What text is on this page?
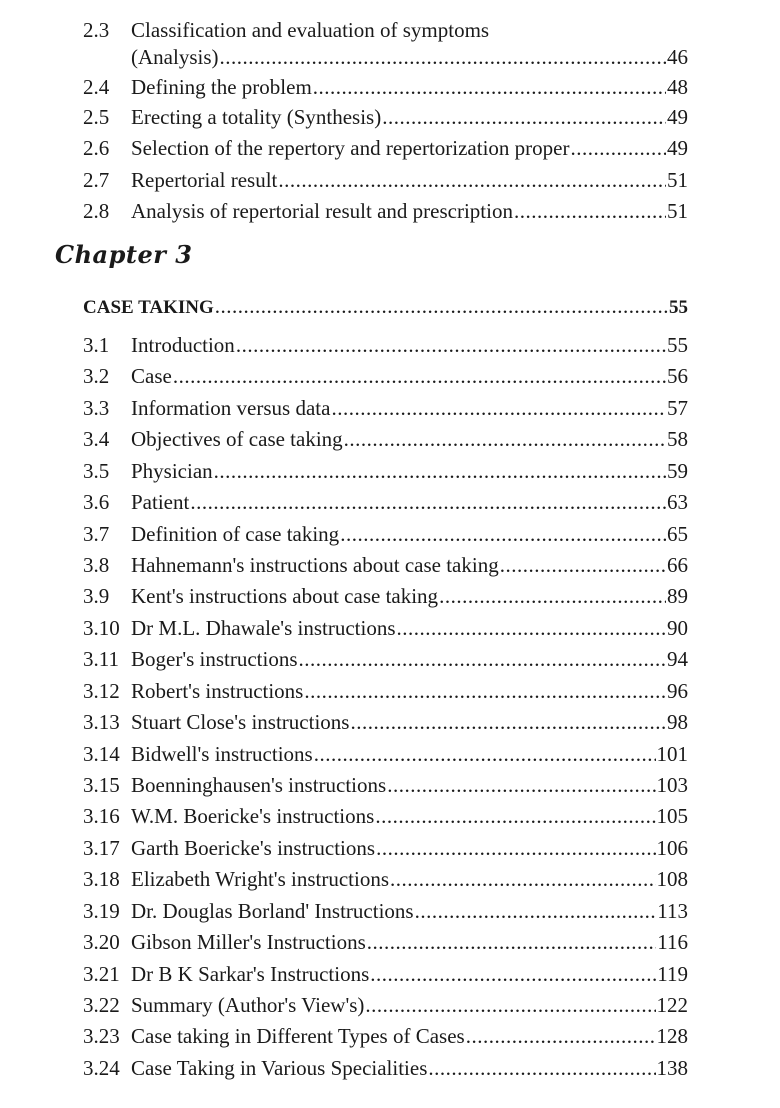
Chapter 3
CASE TAKING .....	55
2.3	Classification and evaluation of symptoms
(Analysis) .....	46
2.4	Defining the problem .....	48
2.5	Erecting a totality (Synthesis) .....	49
2.6	Selection of the repertory and repertorization proper .....	49
2.7	Repertorial result .....	51
2.8	Analysis of repertorial result and prescription .....	51
3.1	Introduction .....	55
3.2	Case .....	56
3.3	Information versus data .....	57
3.4	Objectives of case taking .....	58
3.5	Physician .....	59
3.6	Patient .....	63
3.7	Definition of case taking .....	65
3.8	Hahnemann's instructions about case taking .....	66
3.9	Kent's instructions about case taking .....	89
3.10 Dr M.L. Dhawale's instructions .....	90
3.11 Boger's instructions .....	94
3.12 Robert's instructions .....	96
3.13 Stuart Close's instructions .....	98
3.14 Bidwell's instructions .....	101
3.15 Boenninghausen's instructions .....	103
3.16 W.M. Boericke's instructions .....	105
3.17 Garth Boericke's instructions .....	106
3.18 Elizabeth Wright's instructions .....	108
3.19 Dr. Douglas Borland' Instructions .....	113
3.20 Gibson Miller's Instructions .....	116
3.21 Dr B K Sarkar's Instructions .....	119
3.22 Summary (Author's View's) .....	122
3.23 Case taking in Different Types of Cases .....	128
3.24 Case Taking in Various Specialities .....	138
